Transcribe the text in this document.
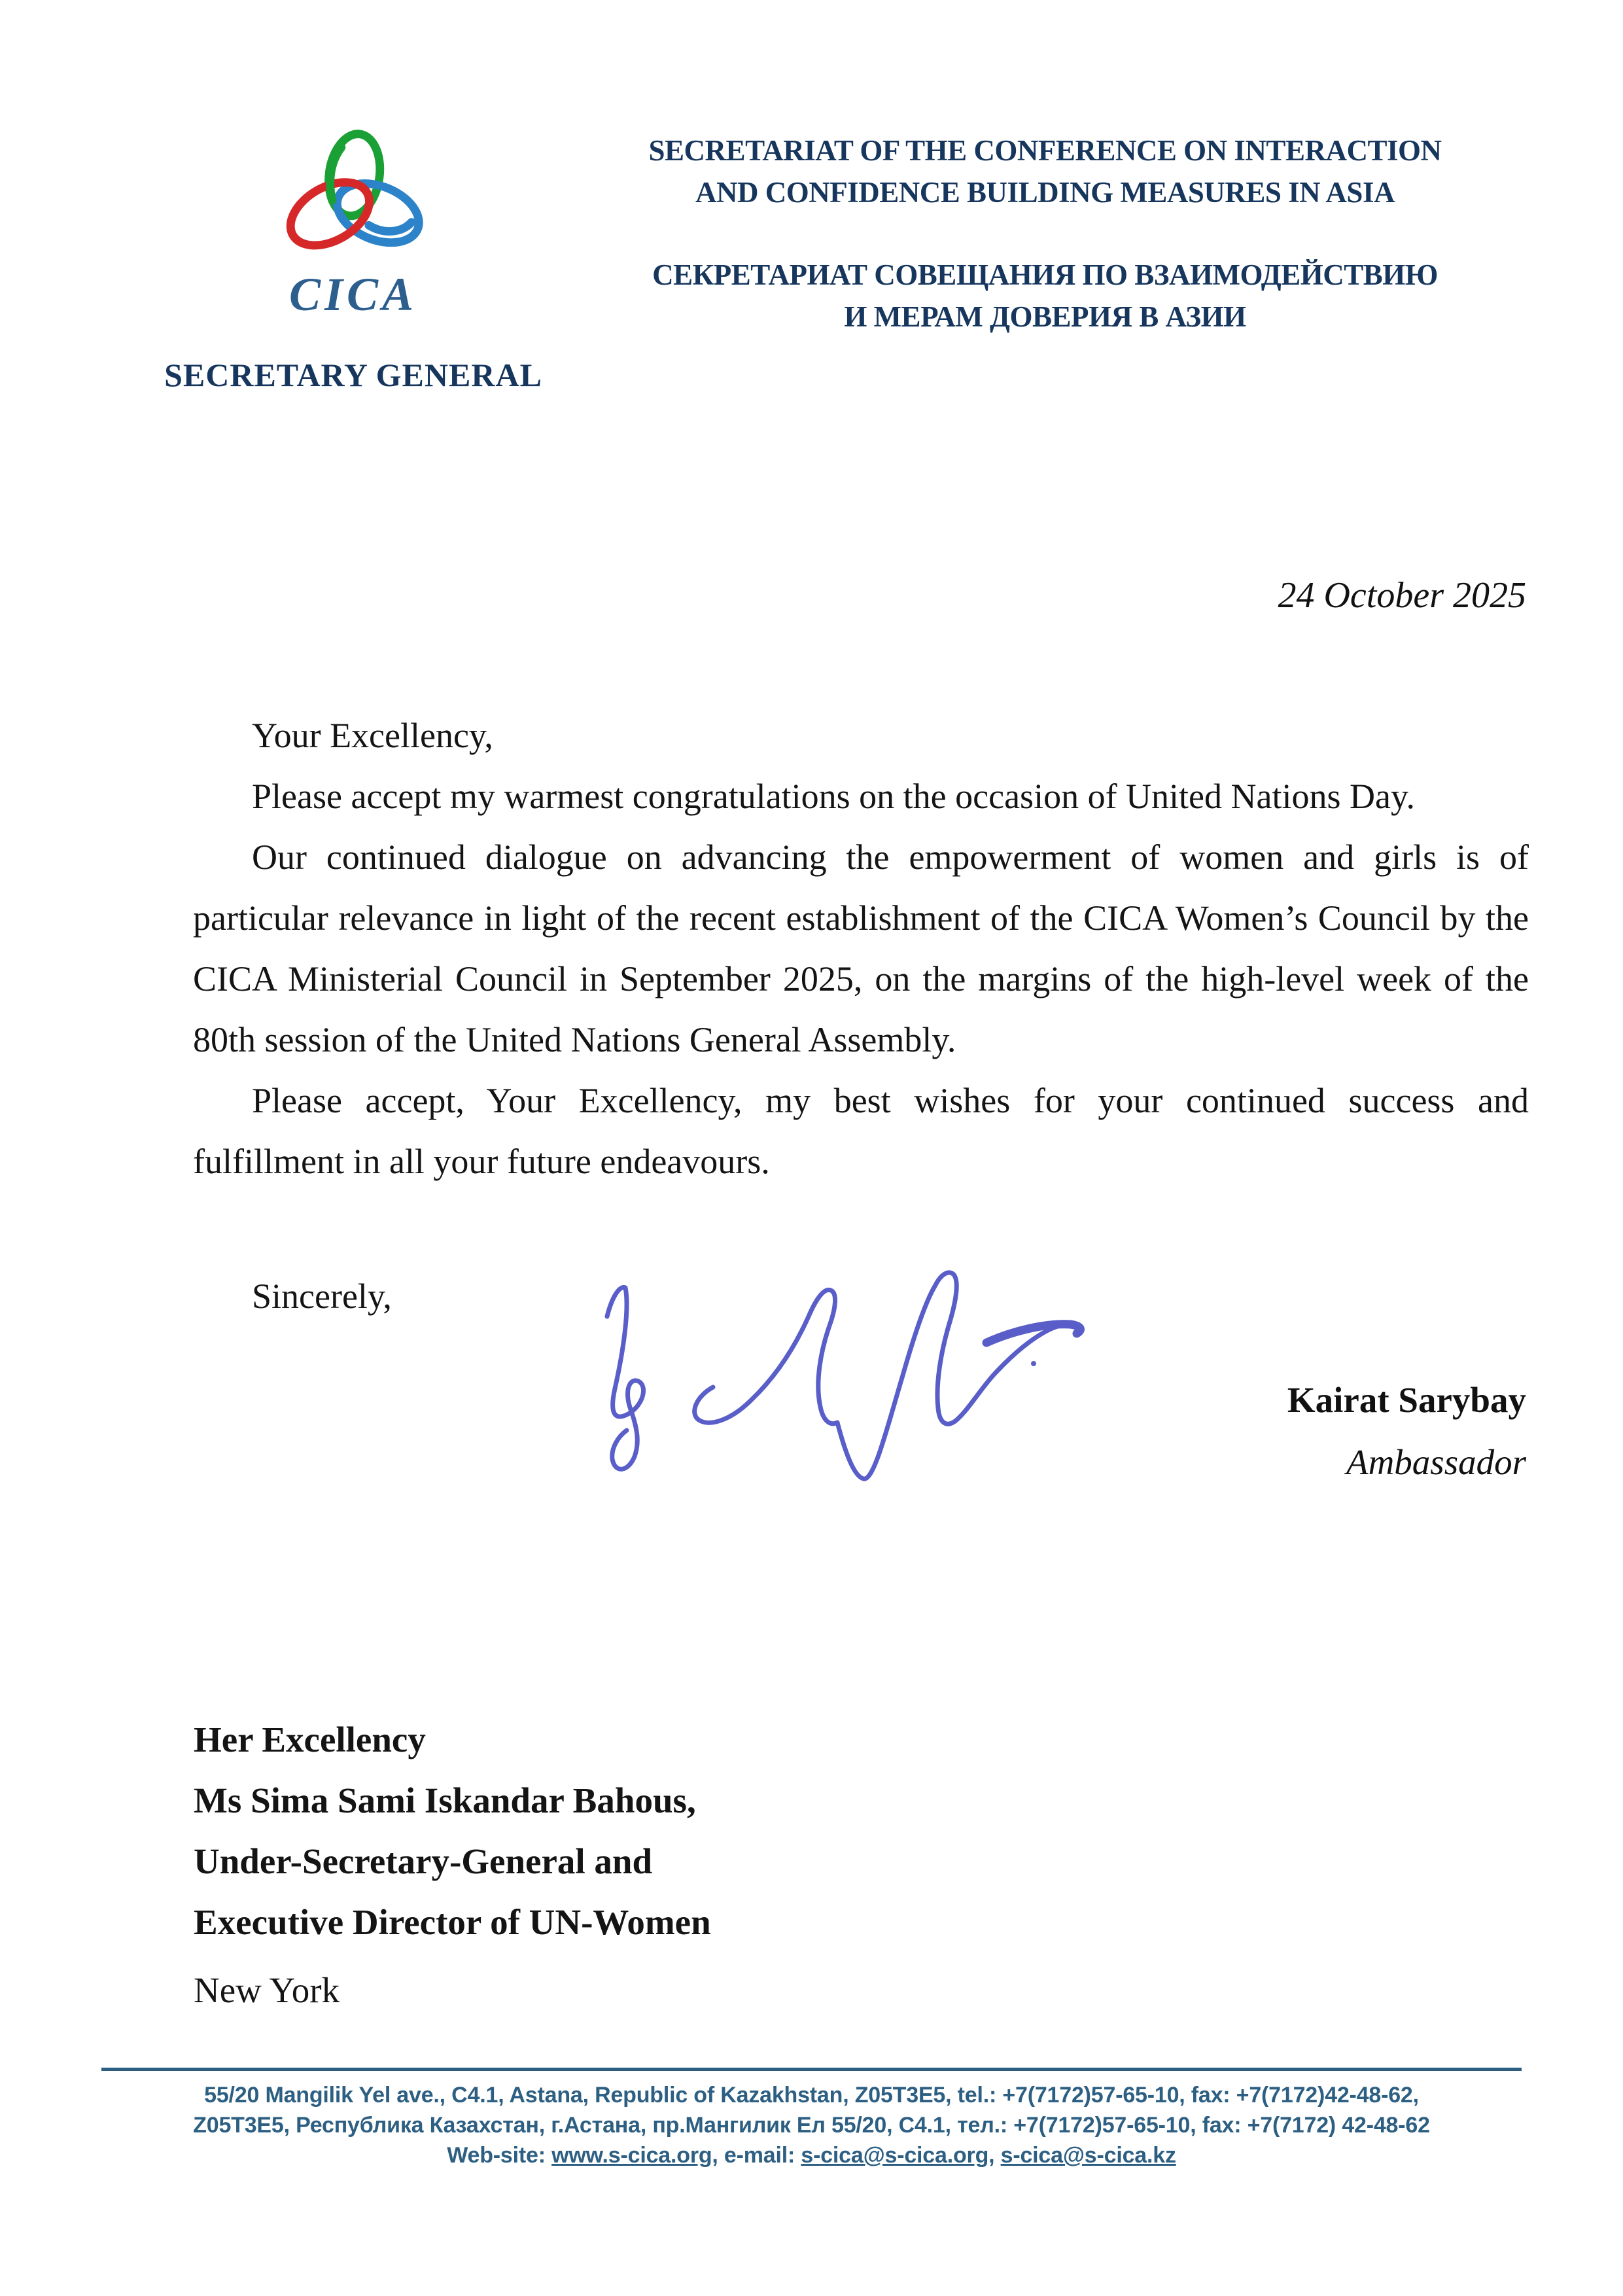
CICA
SECRETARY GENERAL
SECRETARIAT OF THE CONFERENCE ON INTERACTION
AND CONFIDENCE BUILDING MEASURES IN ASIA
СЕКРЕТАРИАТ СОВЕЩАНИЯ ПО ВЗАИМОДЕЙСТВИЮ
И МЕРАМ ДОВЕРИЯ В АЗИИ
24 October 2025

Your Excellency,

Please accept my warmest congratulations on the occasion of United Nations Day.

Our continued dialogue on advancing the empowerment of women and girls is of particular relevance in light of the recent establishment of the CICA Women’s Council by the CICA Ministerial Council in September 2025, on the margins of the high-level week of the 80th session of the United Nations General Assembly.

Please accept, Your Excellency, my best wishes for your continued success and fulfillment in all your future endeavours.

Sincerely,
Kairat Sarybay
Ambassador
Her Excellency
Ms Sima Sami Iskandar Bahous,
Under-Secretary-General and
Executive Director of UN-Women
New York
55/20 Mangilik Yel ave., C4.1, Astana, Republic of Kazakhstan, Z05T3E5, tel.: +7(7172)57-65-10, fax: +7(7172)42-48-62,
Z05T3E5, Республика Казахстан, г.Астана, пр.Мангилик Ел 55/20, C4.1, тел.: +7(7172)57-65-10, fax: +7(7172) 42-48-62
Web-site: www.s-cica.org, e-mail: s-cica@s-cica.org, s-cica@s-cica.kz
